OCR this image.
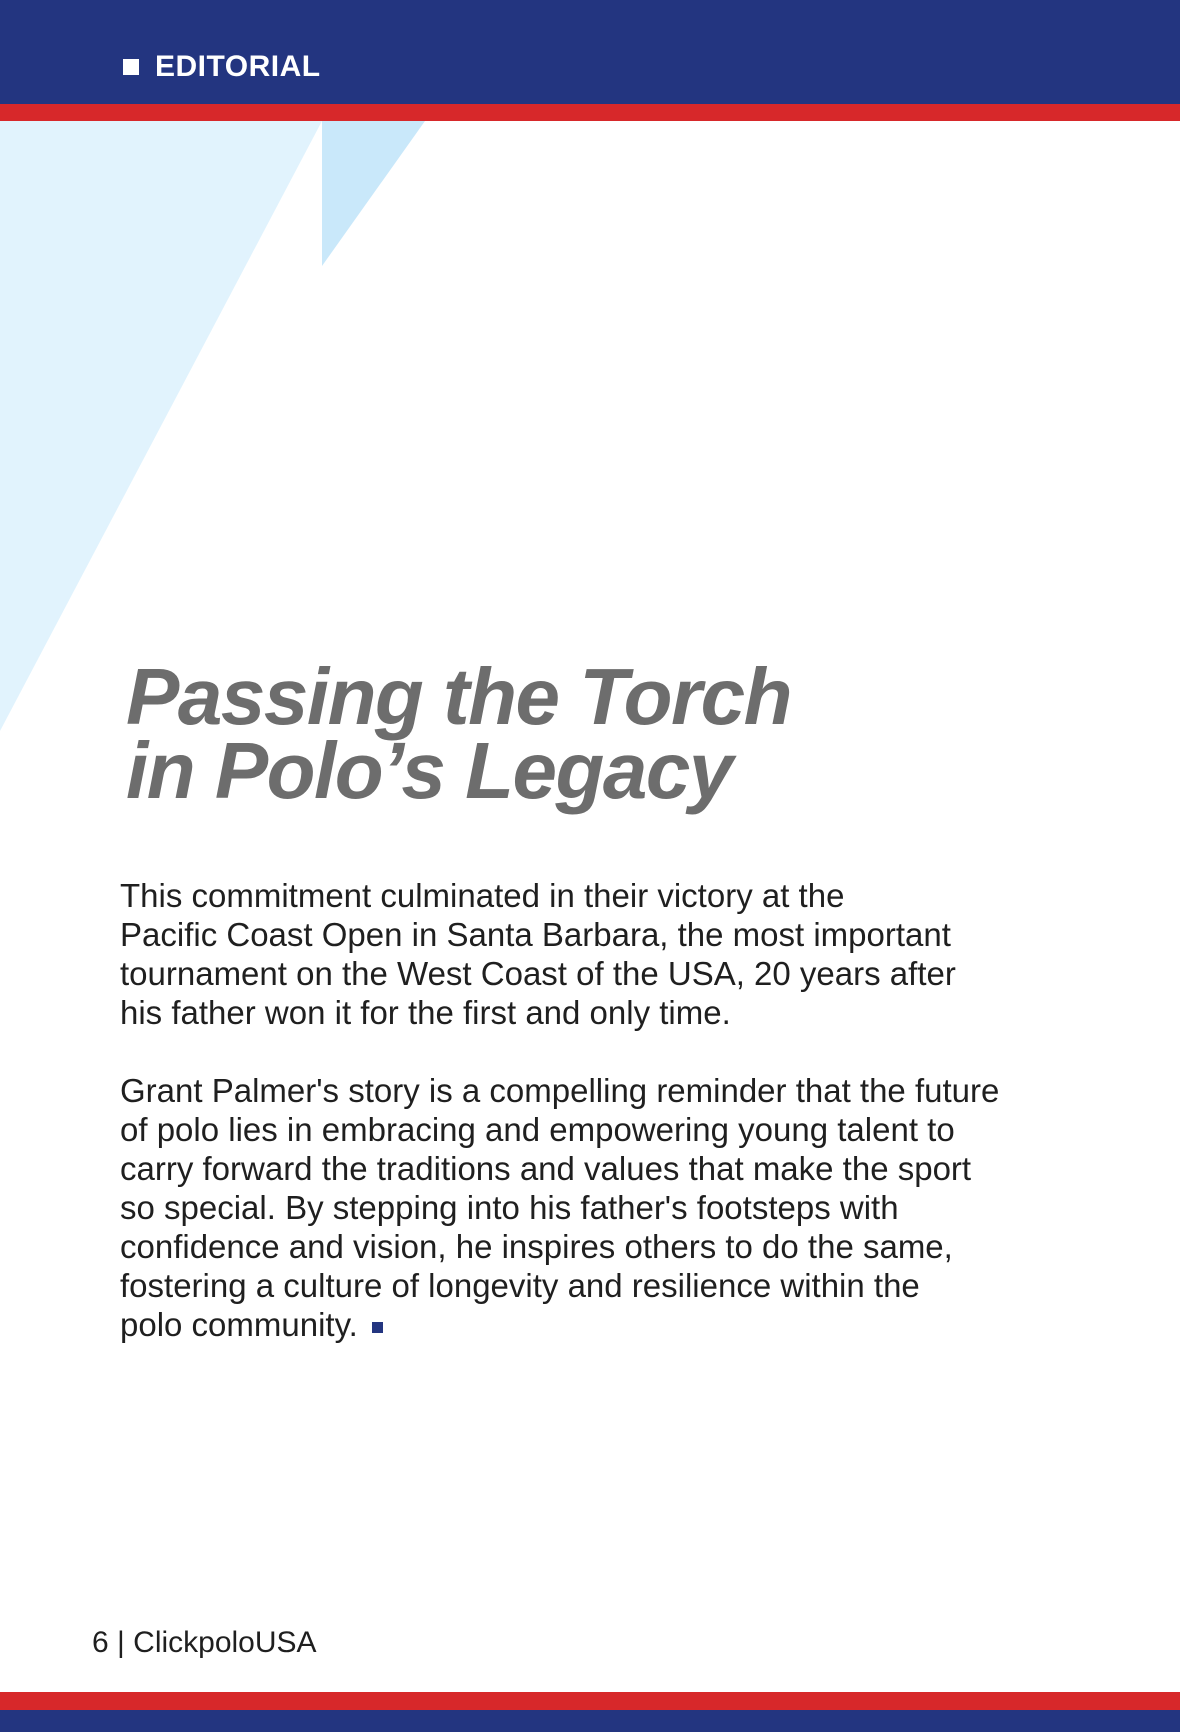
EDITORIAL
Passing the Torch
in Polo’s Legacy

This commitment culminated in their victory at the
Pacific Coast Open in Santa Barbara, the most important
tournament on the West Coast of the USA, 20 years after
his father won it for the first and only time.

Grant Palmer's story is a compelling reminder that the future
of polo lies in embracing and empowering young talent to
carry forward the traditions and values that make the sport
so special. By stepping into his father's footsteps with
confidence and vision, he inspires others to do the same,
fostering a culture of longevity and resilience within the
polo community.

6 | ClickpoloUSA
